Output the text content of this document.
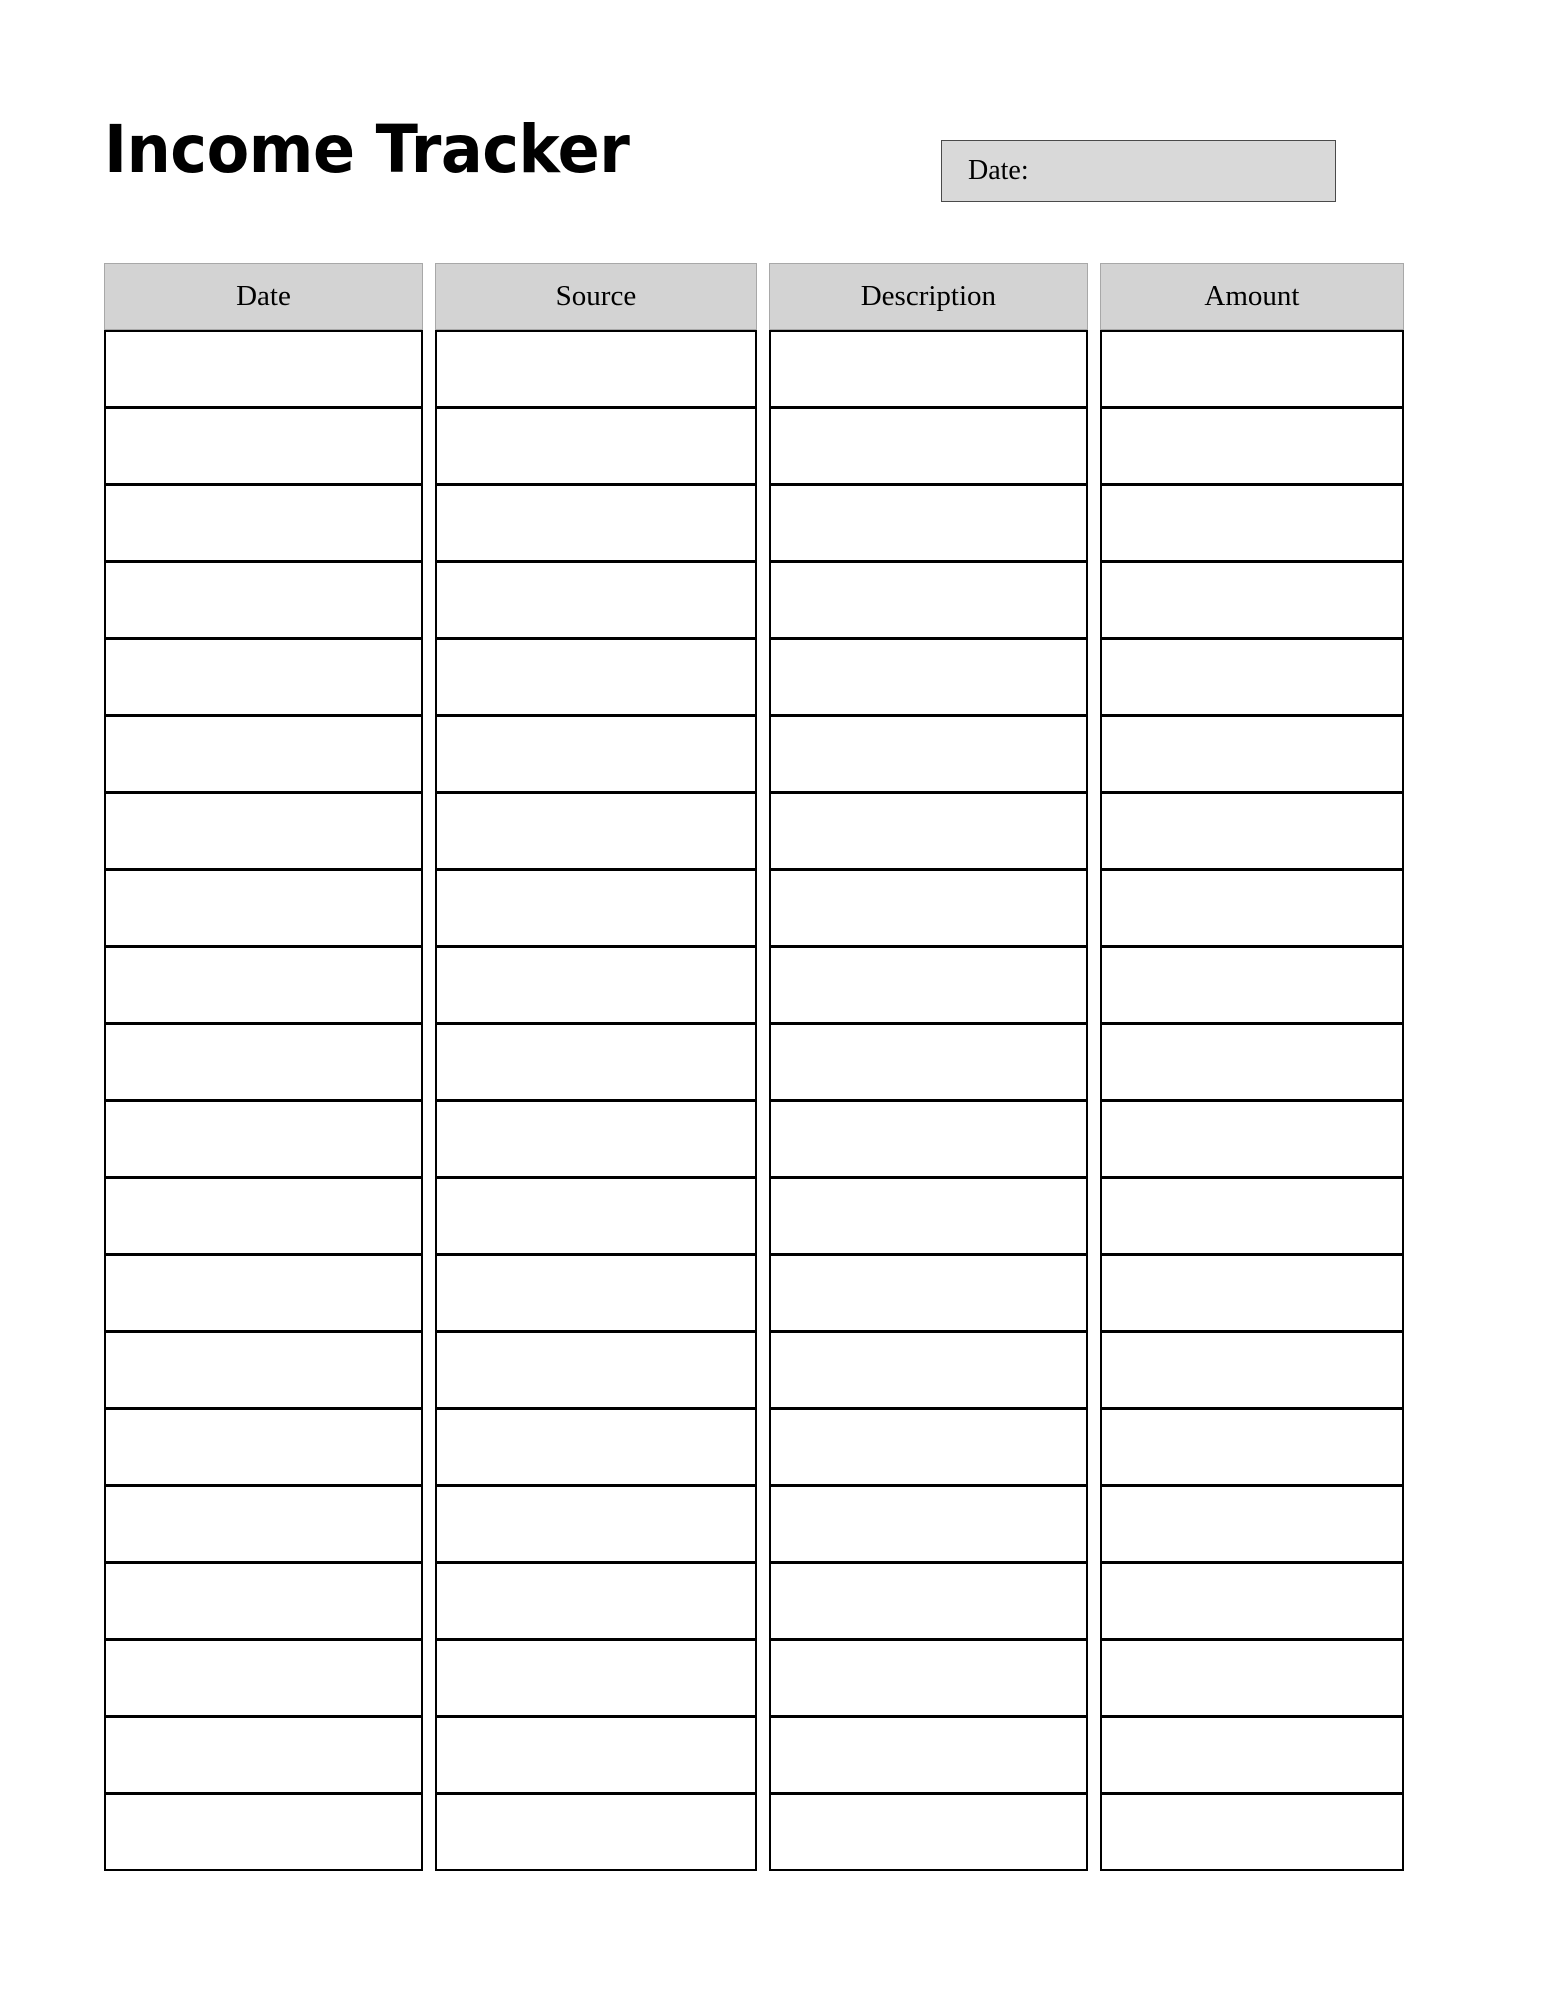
Income Tracker	Date:
Date	Source	Description	Amount
